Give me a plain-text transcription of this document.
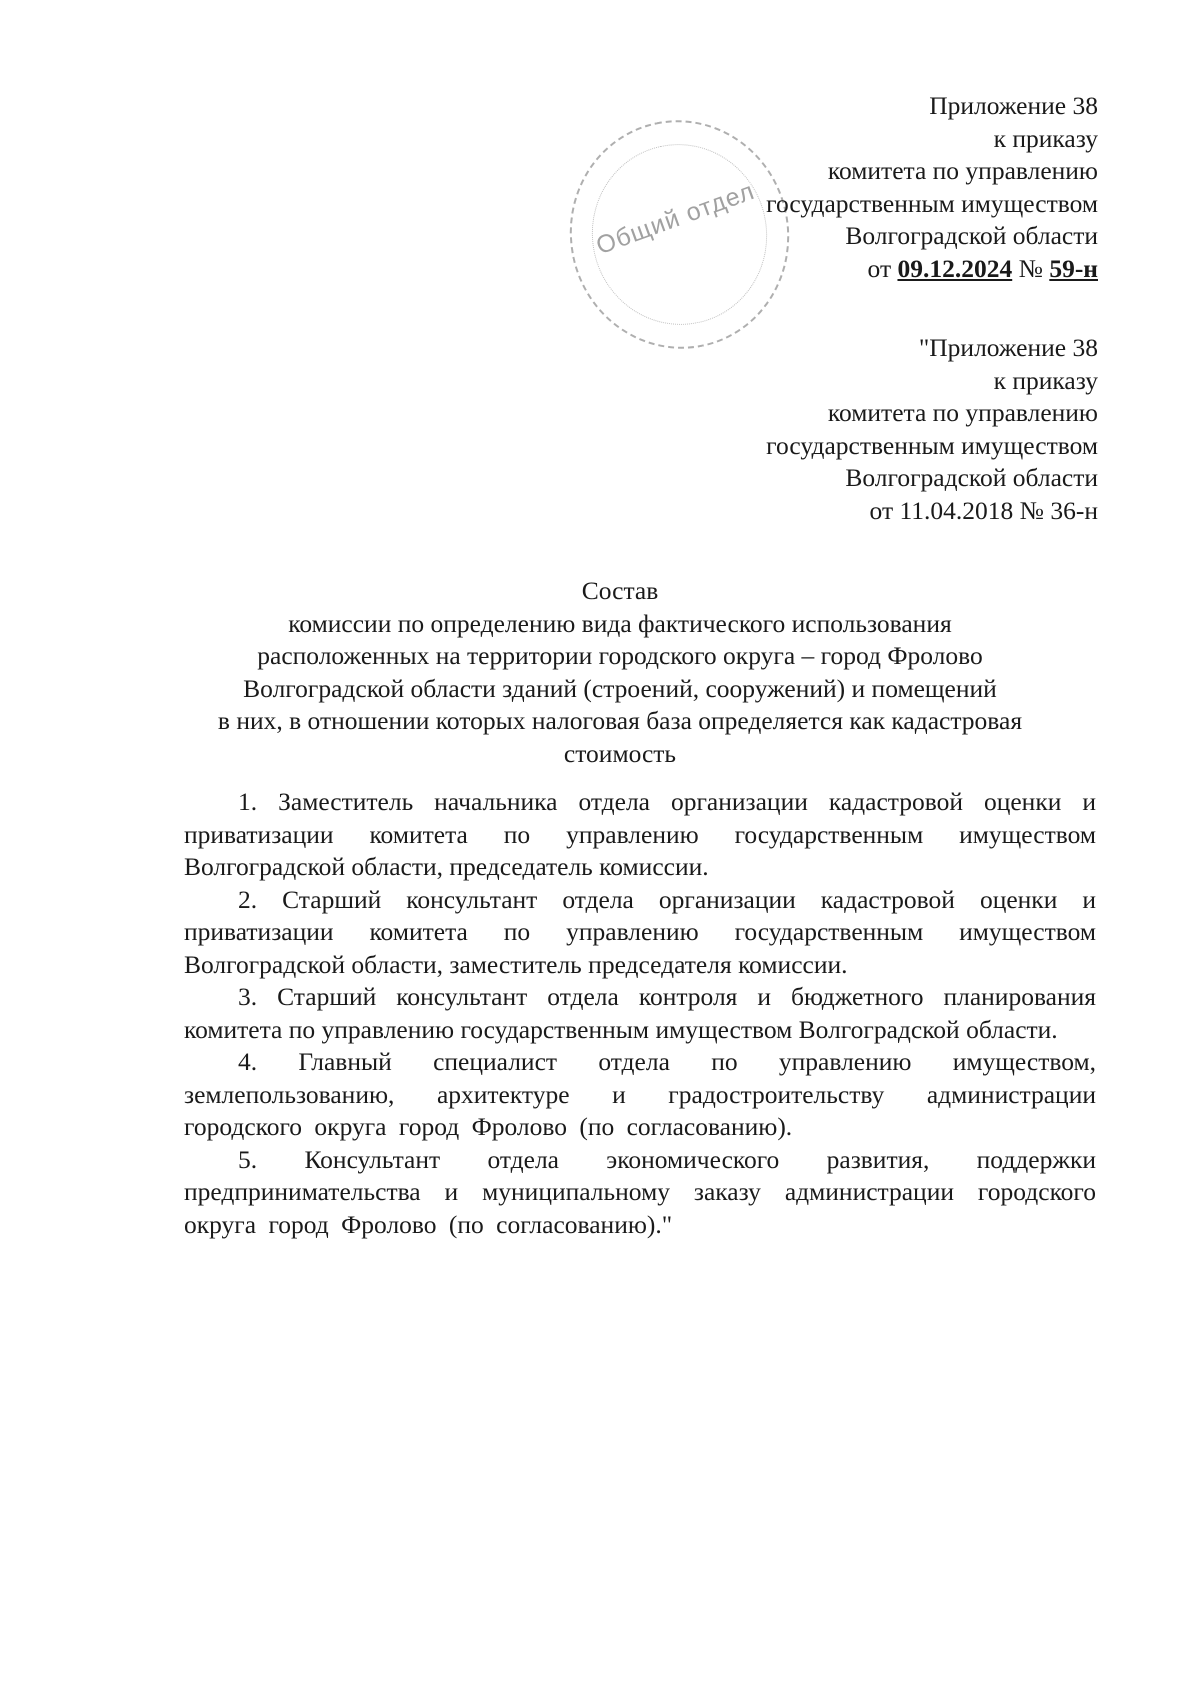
Общий отдел
Приложение 38
к приказу
комитета по управлению
государственным имуществом
Волгоградской области
от 09.12.2024 № 59-н
"Приложение 38
к приказу
комитета по управлению
государственным имуществом
Волгоградской области
от 11.04.2018 № 36-н
Состав
комиссии по определению вида фактического использования
расположенных на территории городского округа – город Фролово
Волгоградской области зданий (строений, сооружений) и помещений
в них, в отношении которых налоговая база определяется как кадастровая
стоимость

1. Заместитель начальника отдела организации кадастровой оценки и приватизации комитета по управлению государственным имуществом Волгоградской области, председатель комиссии.

2. Старший консультант отдела организации кадастровой оценки и приватизации комитета по управлению государственным имуществом Волгоградской области, заместитель председателя комиссии.

3. Старший консультант отдела контроля и бюджетного планирования комитета по управлению государственным имуществом Волгоградской области.

4. Главный специалист отдела по управлению имуществом, землепользованию, архитектуре и градостроительству администрации городского округа город Фролово (по согласованию).

5. Консультант отдела экономического развития, поддержки предпринимательства и муниципальному заказу администрации городского округа город Фролово (по согласованию)."
